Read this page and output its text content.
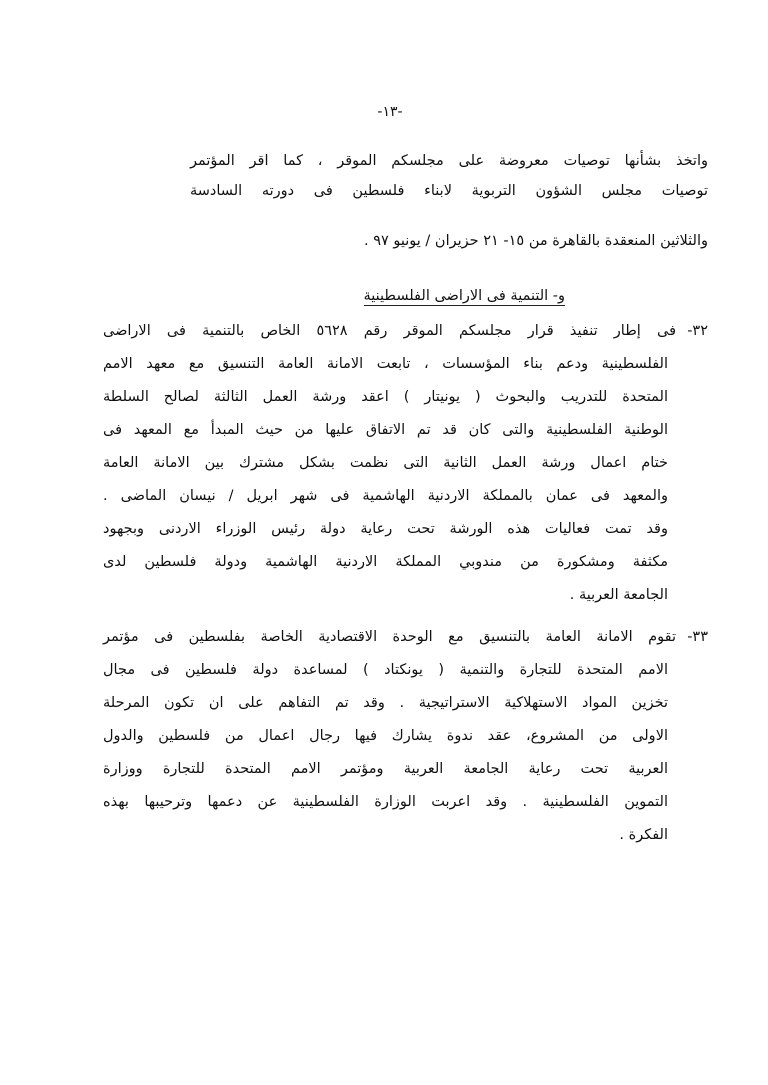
-١٣-
واتخذ بشأنها توصيات معروضة على مجلسكم الموقر ، كما اقر المؤتمر
توصيات مجلس الشؤون التربوية لابناء فلسطين فى دورته السادسة
والثلاثين المنعقدة بالقاهرة من ١٥- ٢١ حزيران / يونيو ٩٧ .
و- التنمية فى الاراضى الفلسطينية
٣٢-
فى إطار تنفيذ قرار مجلسكم الموقر رقم ٥٦٢٨ الخاص بالتنمية فى الاراضى
الفلسطينية ودعم بناء المؤسسات ، تابعت الامانة العامة التنسيق مع معهد الامم
المتحدة للتدريب والبحوث ( يونيتار ) اعقد ورشة العمل الثالثة لصالح السلطة
الوطنية الفلسطينية والتى كان قد تم الاتفاق عليها من حيث المبدأ مع المعهد فى
ختام اعمال ورشة العمل الثانية التى نظمت بشكل مشترك بين الامانة العامة
والمعهد فى عمان بالمملكة الاردنية الهاشمية فى شهر ابريل / نيسان الماضى .
وقد تمت فعاليات هذه الورشة تحت رعاية دولة رئيس الوزراء الاردنى وبجهود
مكثفة ومشكورة من مندوبي المملكة الاردنية الهاشمية ودولة فلسطين لدى
الجامعة العربية .
٣٣-
تقوم الامانة العامة بالتنسيق مع الوحدة الاقتصادية الخاصة بفلسطين فى مؤتمر
الامم المتحدة للتجارة والتنمية ( يونكتاد ) لمساعدة دولة فلسطين فى مجال
تخزين المواد الاستهلاكية الاستراتيجية . وقد تم التفاهم على ان تكون المرحلة
الاولى من المشروع، عقد ندوة يشارك فيها رجال اعمال من فلسطين والدول
العربية تحت رعاية الجامعة العربية ومؤتمر الامم المتحدة للتجارة ووزارة
التموين الفلسطينية . وقد اعربت الوزارة الفلسطينية عن دعمها وترحيبها بهذه
الفكرة .
